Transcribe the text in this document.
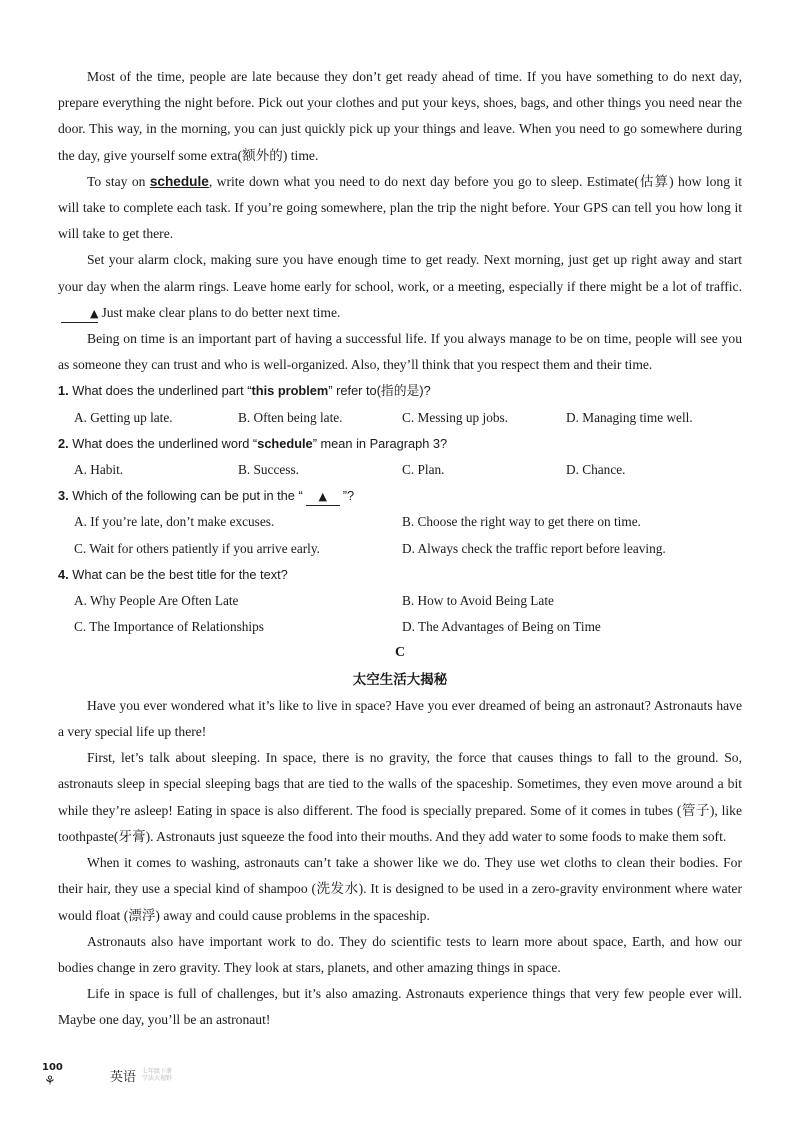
Most of the time, people are late because they don’t get ready ahead of time. If you have something to do next day, prepare everything the night before. Pick out your clothes and put your keys, shoes, bags, and other things you need near the door. This way, in the morning, you can just quickly pick up your things and leave. When you need to go somewhere during the day, give yourself some extra(额外的) time.

To stay on schedule, write down what you need to do next day before you go to sleep. Estimate(估算) how long it will take to complete each task. If you’re going somewhere, plan the trip the night before. Your GPS can tell you how long it will take to get there.

Set your alarm clock, making sure you have enough time to get ready. Next morning, just get up right away and start your day when the alarm rings. Leave home early for school, work, or a meeting, especially if there might be a lot of traffic.▲ Just make clear plans to do better next time.

Being on time is an important part of having a successful life. If you always manage to be on time, people will see you as someone they can trust and who is well-organized. Also, they’ll think that you respect them and their time.

1. What does the underlined part “this problem” refer to(指的是)?

A. Getting up late.	B. Often being late.	C. Messing up jobs.	D. Managing time well.

2. What does the underlined word “schedule” mean in Paragraph 3?

A. Habit.	B. Success.	C. Plan.	D. Chance.

3. Which of the following can be put in the “ ▲ ”?

A. If you’re late, don’t make excuses.	B. Choose the right way to get there on time.
C. Wait for others patiently if you arrive early.	D. Always check the traffic report before leaving.

4. What can be the best title for the text?

A. Why People Are Often Late	B. How to Avoid Being Late
C. The Importance of Relationships	D. The Advantages of Being on Time

C

太空生活大揭秘

Have you ever wondered what it’s like to live in space? Have you ever dreamed of being an astronaut? Astronauts have a very special life up there!

First, let’s talk about sleeping. In space, there is no gravity, the force that causes things to fall to the ground. So, astronauts sleep in special sleeping bags that are tied to the walls of the spaceship. Sometimes, they even move around a bit while they’re asleep! Eating in space is also different. The food is specially prepared. Some of it comes in tubes (管子), like toothpaste(牙膏). Astronauts just squeeze the food into their mouths. And they add water to some foods to make them soft.

When it comes to washing, astronauts can’t take a shower like we do. They use wet cloths to clean their bodies. For their hair, they use a special kind of shampoo (洗发水). It is designed to be used in a zero-gravity environment where water would float (漂浮) away and could cause problems in the spaceship.

Astronauts also have important work to do. They do scientific tests to learn more about space, Earth, and how our bodies change in zero gravity. They look at stars, planets, and other amazing things in space.

Life in space is full of challenges, but it’s also amazing. Astronauts experience things that very few people ever will. Maybe one day, you’ll be an astronaut!

100
⚘	英语 七年级下册
学法大视野
